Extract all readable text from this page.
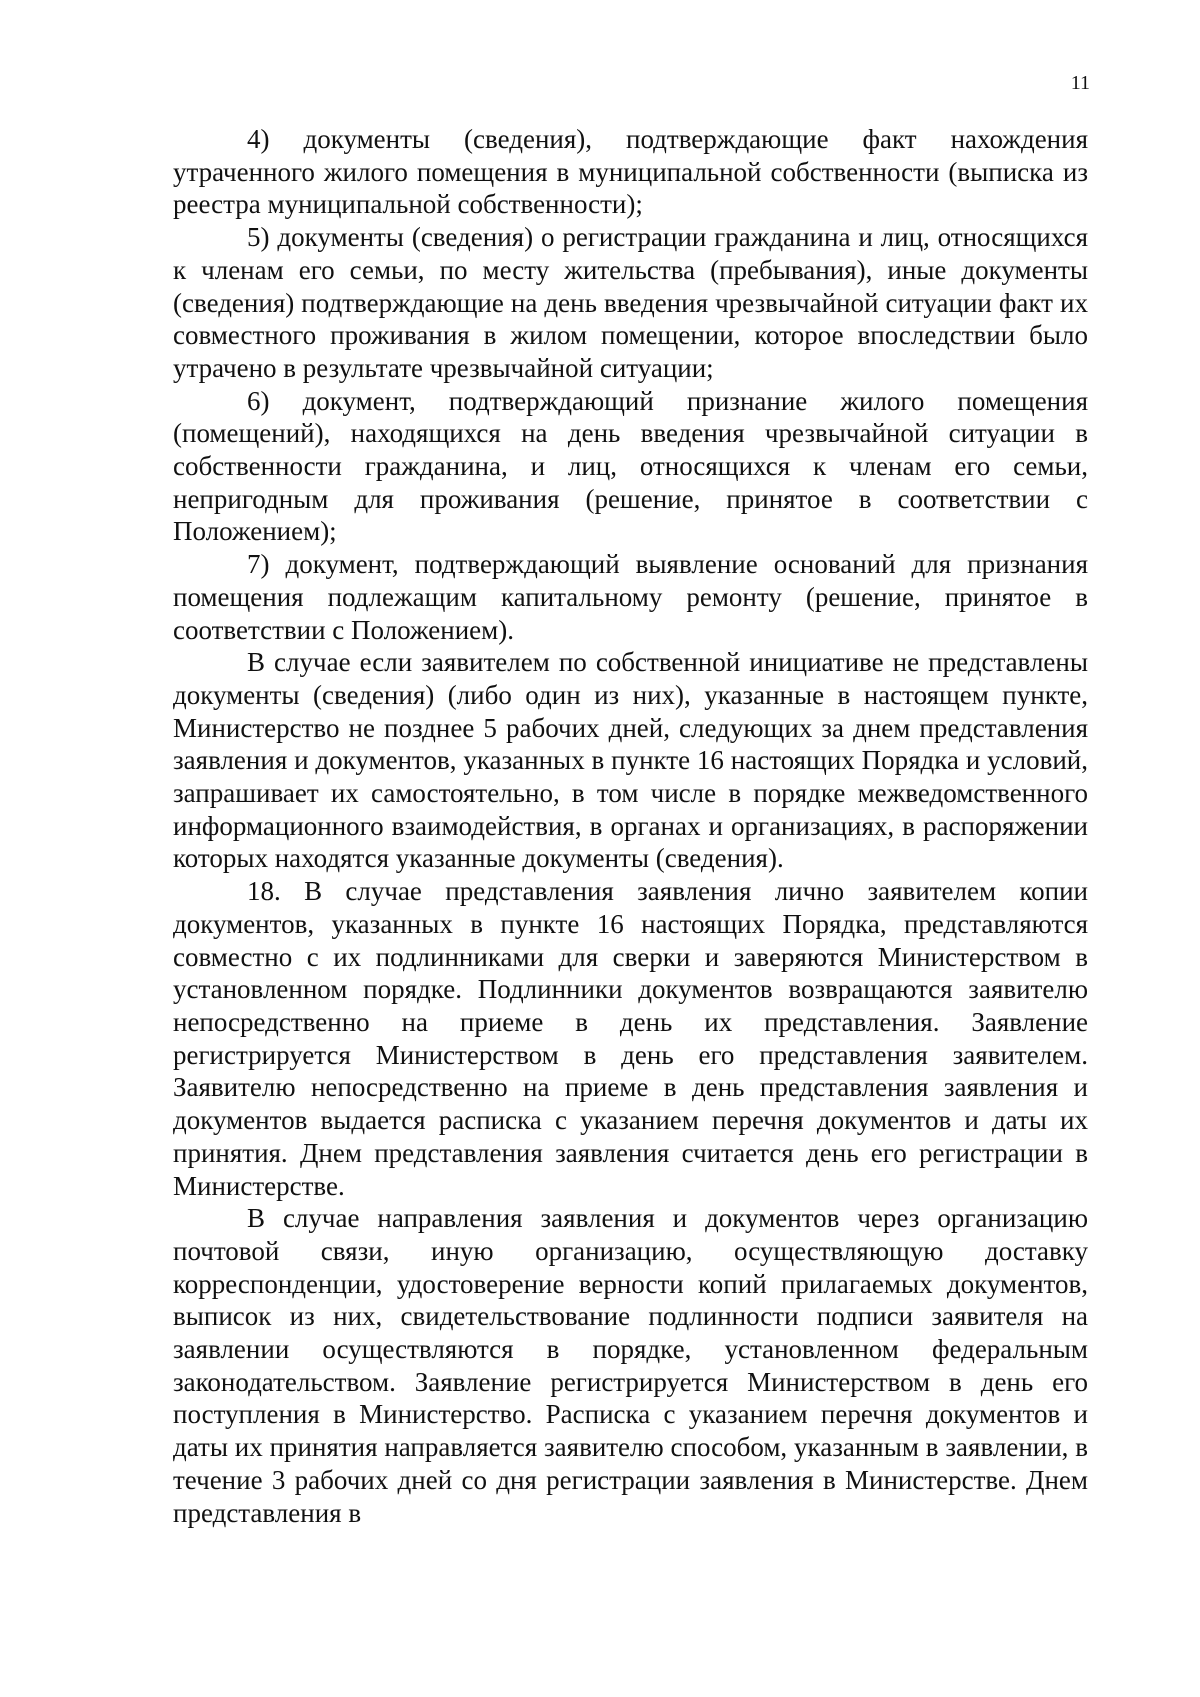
11

4) документы (сведения), подтверждающие факт нахождения утраченного жилого помещения в муниципальной собственности (выписка из реестра муниципальной собственности);

5) документы (сведения) о регистрации гражданина и лиц, относящихся к членам его семьи, по месту жительства (пребывания), иные документы (сведения) подтверждающие на день введения чрезвычайной ситуации факт их совместного проживания в жилом помещении, которое впоследствии было утрачено в результате чрезвычайной ситуации;

6) документ, подтверждающий признание жилого помещения (помещений), находящихся на день введения чрезвычайной ситуации в собственности гражданина, и лиц, относящихся к членам его семьи, непригодным для проживания (решение, принятое в соответствии с Положением);

7) документ, подтверждающий выявление оснований для признания помещения подлежащим капитальному ремонту (решение, принятое в соответствии с Положением).

В случае если заявителем по собственной инициативе не представлены документы (сведения) (либо один из них), указанные в настоящем пункте, Министерство не позднее 5 рабочих дней, следующих за днем представления заявления и документов, указанных в пункте 16 настоящих Порядка и условий, запрашивает их самостоятельно, в том числе в порядке межведомственного информационного взаимодействия, в органах и организациях, в распоряжении которых находятся указанные документы (сведения).

18. В случае представления заявления лично заявителем копии документов, указанных в пункте 16 настоящих Порядка, представляются совместно с их подлинниками для сверки и заверяются Министерством в установленном порядке. Подлинники документов возвращаются заявителю непосредственно на приеме в день их представления. Заявление регистрируется Министерством в день его представления заявителем. Заявителю непосредственно на приеме в день представления заявления и документов выдается расписка с указанием перечня документов и даты их принятия. Днем представления заявления считается день его регистрации в Министерстве.

В случае направления заявления и документов через организацию почтовой связи, иную организацию, осуществляющую доставку корреспонденции, удостоверение верности копий прилагаемых документов, выписок из них, свидетельствование подлинности подписи заявителя на заявлении осуществляются в порядке, установленном федеральным законодательством. Заявление регистрируется Министерством в день его поступления в Министерство. Расписка с указанием перечня документов и даты их принятия направляется заявителю способом, указанным в заявлении, в течение 3 рабочих дней со дня регистрации заявления в Министерстве. Днем представления в
